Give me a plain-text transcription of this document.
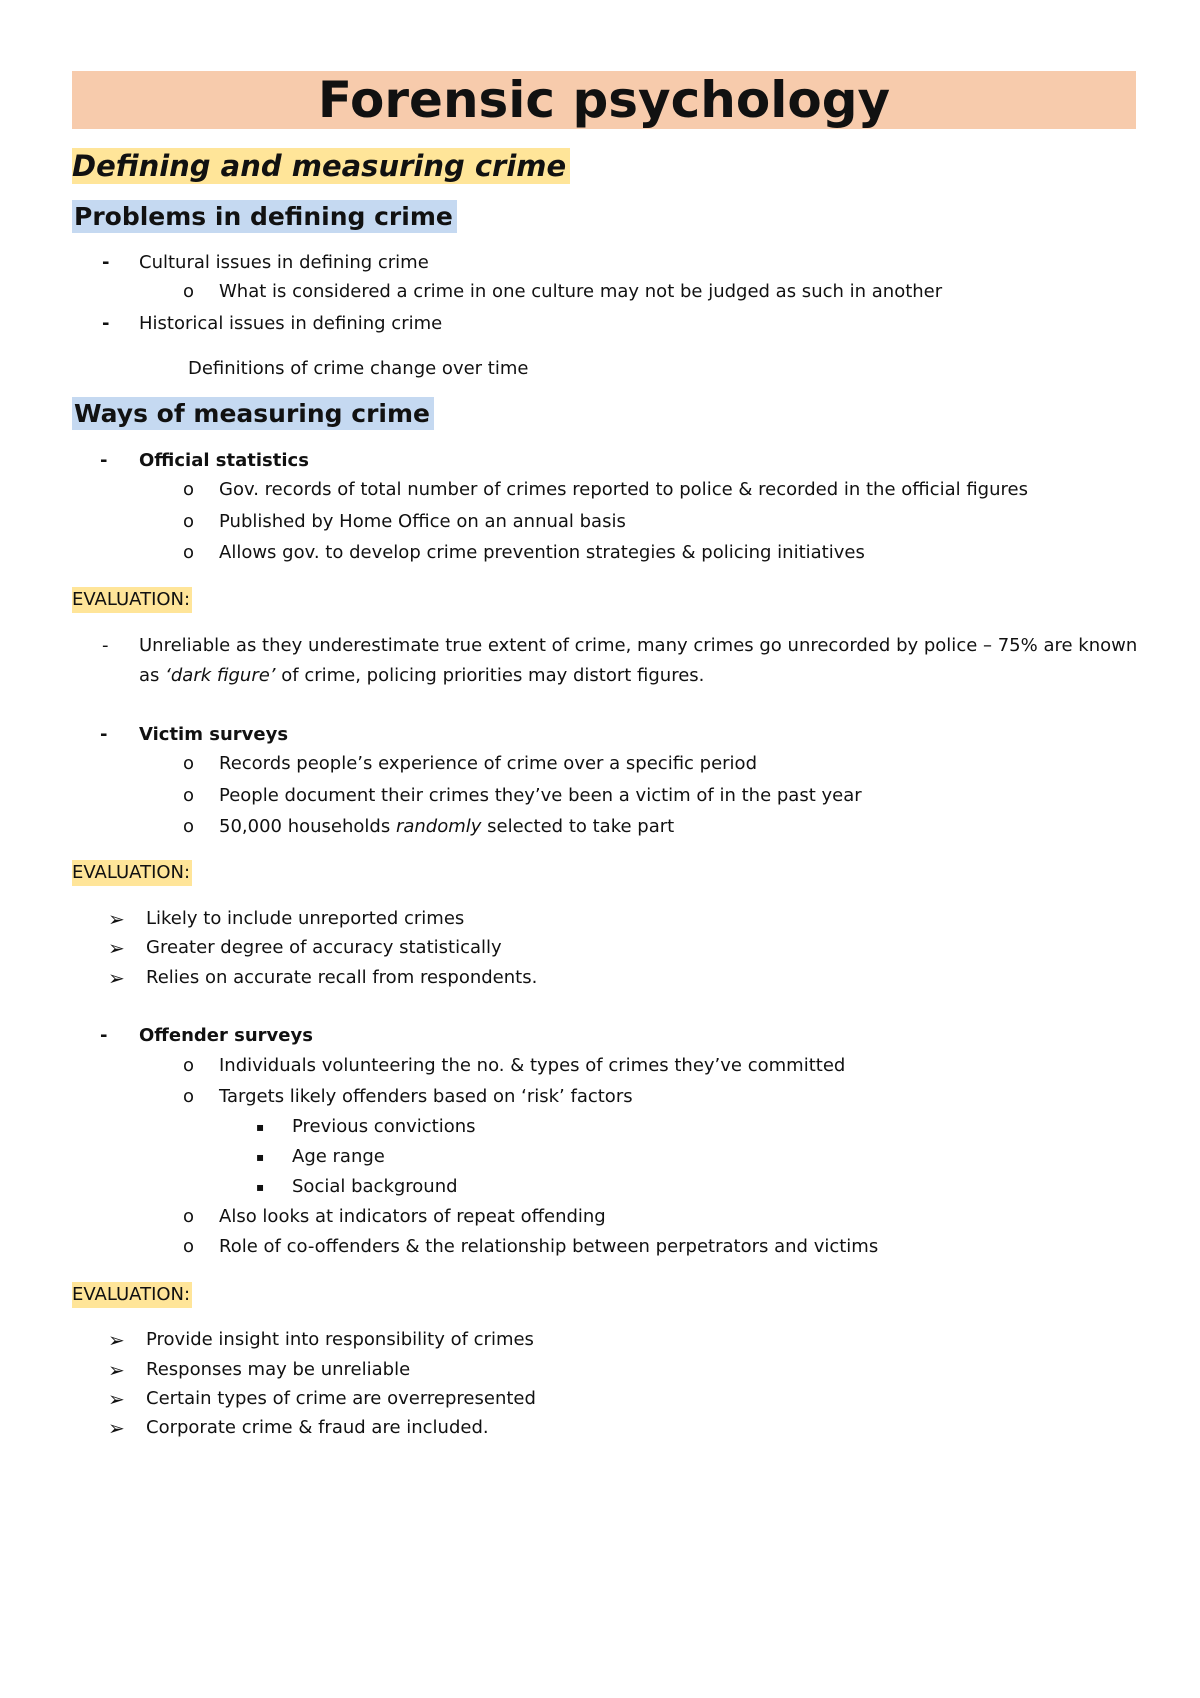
Forensic psychology
Defining and measuring crime
Problems in defining crime
- Cultural issues in defining crime
o What is considered a crime in one culture may not be judged as such in another
- Historical issues in defining crime
Definitions of crime change over time
Ways of measuring crime
- Official statistics
o Gov. records of total number of crimes reported to police & recorded in the official figures
o Published by Home Office on an annual basis
o Allows gov. to develop crime prevention strategies & policing initiatives
EVALUATION:
- Unreliable as they underestimate true extent of crime, many crimes go unrecorded by police – 75% are known
as ‘dark figure’ of crime, policing priorities may distort figures.
- Victim surveys
o Records people’s experience of crime over a specific period
o People document their crimes they’ve been a victim of in the past year
o 50,000 households randomly selected to take part
EVALUATION:
➢ Likely to include unreported crimes
➢ Greater degree of accuracy statistically
➢ Relies on accurate recall from respondents.
- Offender surveys
o Individuals volunteering the no. & types of crimes they’ve committed
o Targets likely offenders based on ‘risk’ factors
▪ Previous convictions
▪ Age range
▪ Social background
o Also looks at indicators of repeat offending
o Role of co-offenders & the relationship between perpetrators and victims
EVALUATION:
➢ Provide insight into responsibility of crimes
➢ Responses may be unreliable
➢ Certain types of crime are overrepresented
➢ Corporate crime & fraud are included.
